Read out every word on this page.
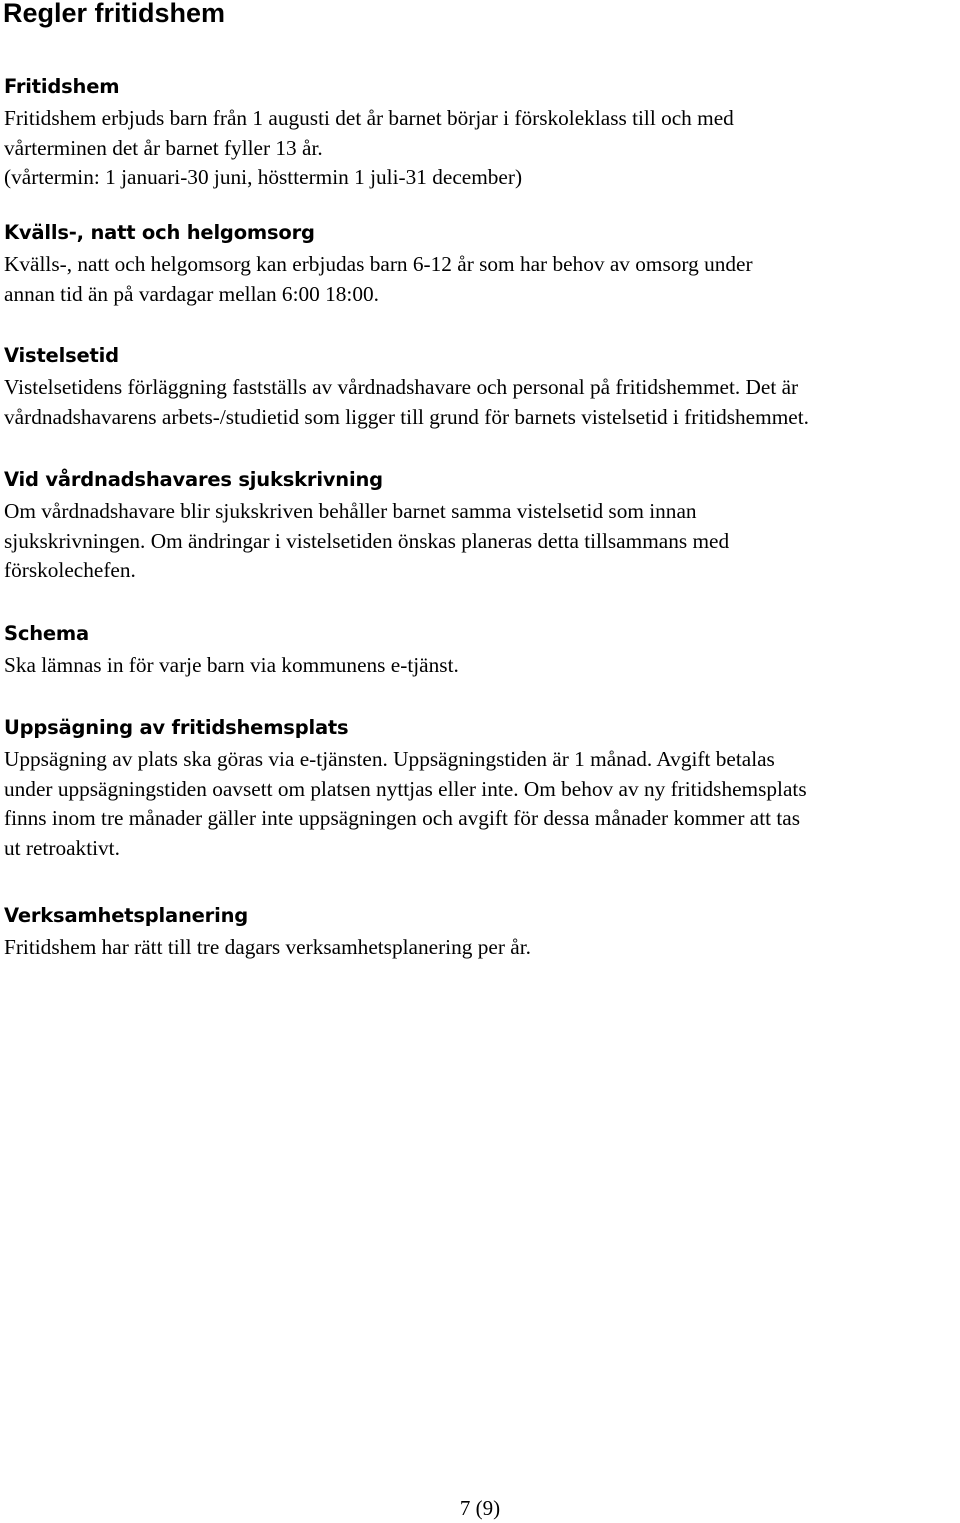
Regler fritidshem
Fritidshem

Fritidshem erbjuds barn från 1 augusti det år barnet börjar i förskoleklass till och med
vårterminen det år barnet fyller 13 år.
(vårtermin: 1 januari-30 juni, hösttermin 1 juli-31 december)

Kvälls-, natt och helgomsorg

Kvälls-, natt och helgomsorg kan erbjudas barn 6-12 år som har behov av omsorg under
annan tid än på vardagar mellan 6:00 18:00.

Vistelsetid

Vistelsetidens förläggning fastställs av vårdnadshavare och personal på fritidshemmet. Det är
vårdnadshavarens arbets-/studietid som ligger till grund för barnets vistelsetid i fritidshemmet.

Vid vårdnadshavares sjukskrivning

Om vårdnadshavare blir sjukskriven behåller barnet samma vistelsetid som innan
sjukskrivningen. Om ändringar i vistelsetiden önskas planeras detta tillsammans med
förskolechefen.

Schema

Ska lämnas in för varje barn via kommunens e-tjänst.

Uppsägning av fritidshemsplats

Uppsägning av plats ska göras via e-tjänsten. Uppsägningstiden är 1 månad. Avgift betalas
under uppsägningstiden oavsett om platsen nyttjas eller inte. Om behov av ny fritidshemsplats
finns inom tre månader gäller inte uppsägningen och avgift för dessa månader kommer att tas
ut retroaktivt.

Verksamhetsplanering

Fritidshem har rätt till tre dagars verksamhetsplanering per år.

7 (9)
